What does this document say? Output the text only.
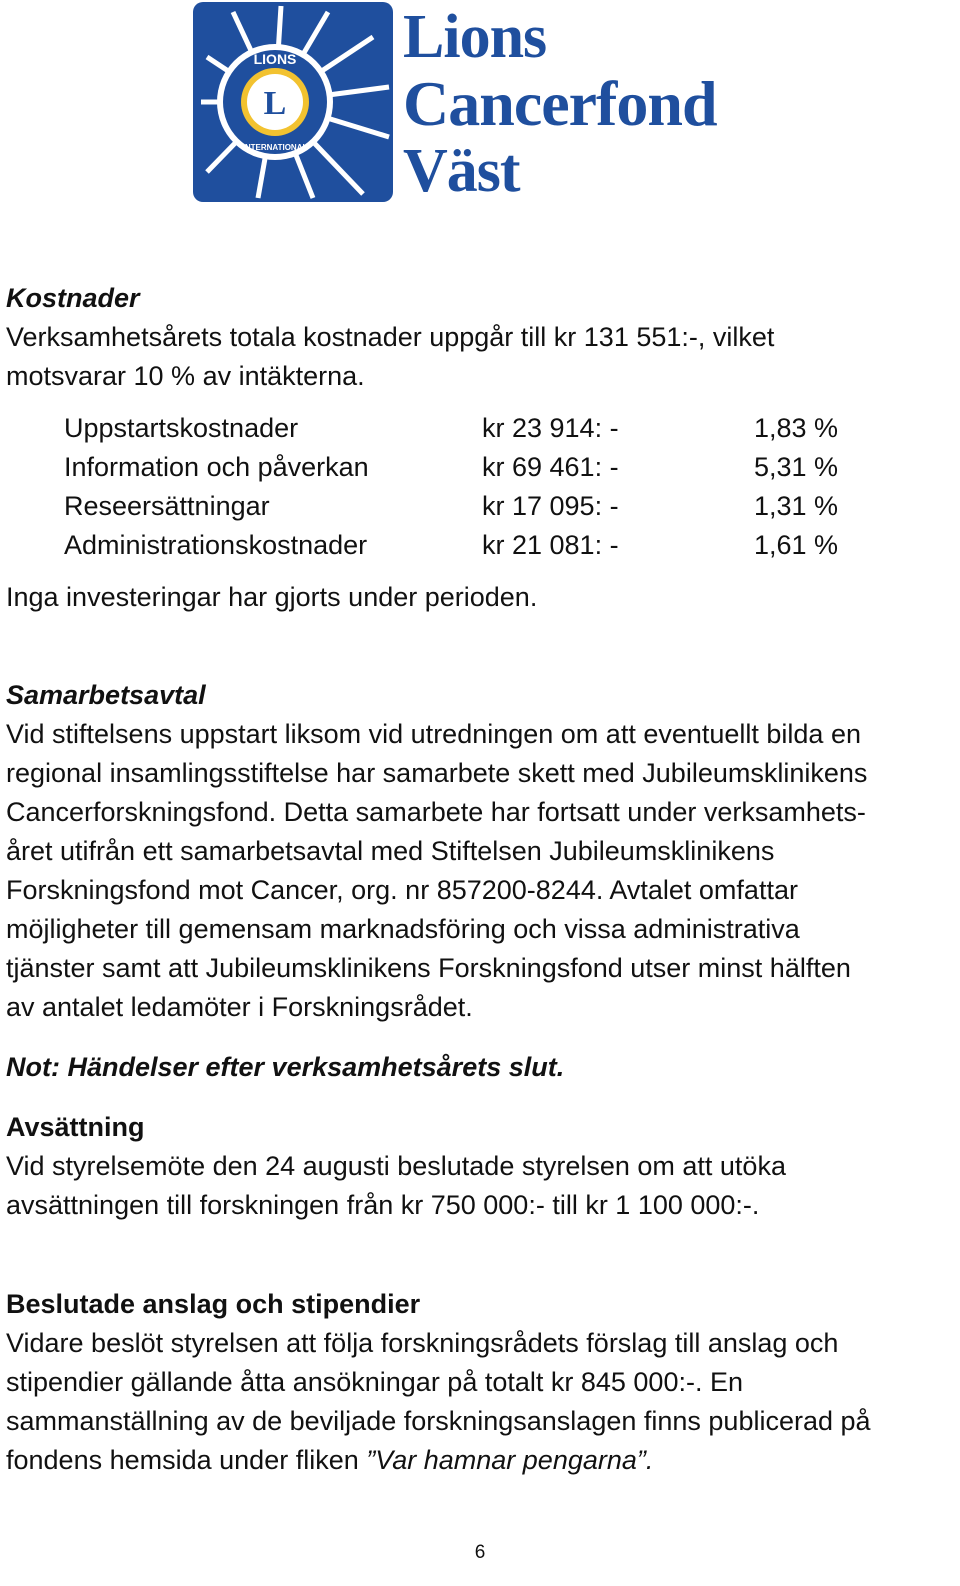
L
LIONS
INTERNATIONAL
Lions
Cancerfond
Väst
Kostnader
Verksamhetsårets totala kostnader uppgår till kr 131 551:-, vilket
motsvarar 10 % av intäkterna.
Uppstartskostnader	kr 23 914: -	1,83 %
Information och påverkan	kr 69 461: -	5,31 %
Reseersättningar	kr 17 095: -	1,31 %
Administrationskostnader	kr 21 081: -	1,61 %
Inga investeringar har gjorts under perioden.
Samarbetsavtal
Vid stiftelsens uppstart liksom vid utredningen om att eventuellt bilda en
regional insamlingsstiftelse har samarbete skett med Jubileumsklinikens
Cancerforskningsfond. Detta samarbete har fortsatt under verksamhets-
året utifrån ett samarbetsavtal med Stiftelsen Jubileumsklinikens
Forskningsfond mot Cancer, org. nr 857200-8244. Avtalet omfattar
möjligheter till gemensam marknadsföring och vissa administrativa
tjänster samt att Jubileumsklinikens Forskningsfond utser minst hälften
av antalet ledamöter i Forskningsrådet.
Not: Händelser efter verksamhetsårets slut.
Avsättning
Vid styrelsemöte den 24 augusti beslutade styrelsen om att utöka
avsättningen till forskningen från kr 750 000:- till kr 1 100 000:-.
Beslutade anslag och stipendier
Vidare beslöt styrelsen att följa forskningsrådets förslag till anslag och
stipendier gällande åtta ansökningar på totalt kr 845 000:-. En
sammanställning av de beviljade forskningsanslagen finns publicerad på
fondens hemsida under fliken ”Var hamnar pengarna”.
6
